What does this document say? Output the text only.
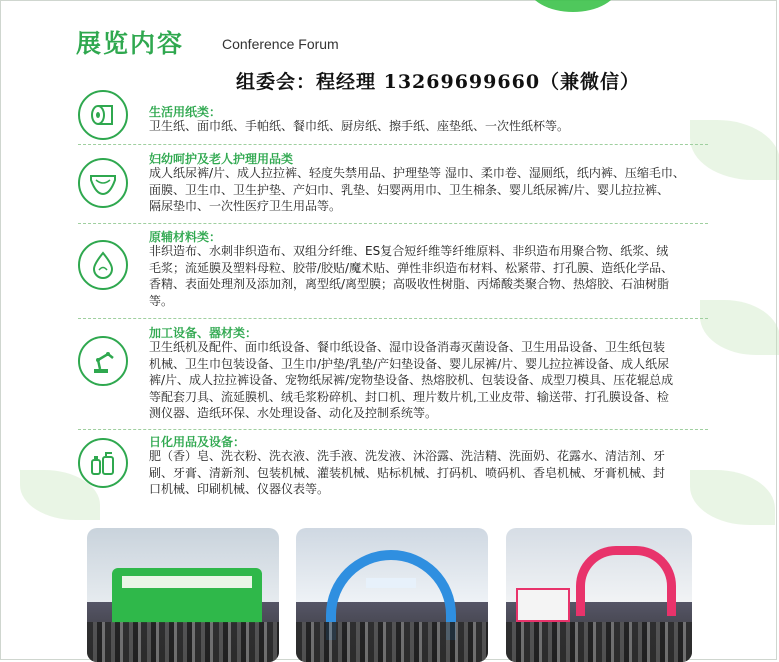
展览内容	Conference Forum
组委会：程经理 13269699660（兼微信）
生活用纸类：
卫生纸、面巾纸、手帕纸、餐巾纸、厨房纸、擦手纸、座垫纸、一次性纸杯等。
妇幼呵护及老人护理用品类
成人纸尿裤/片、成人拉拉裤、轻度失禁用品、护理垫等 湿巾、柔巾卷、湿厕纸，纸内裤、压缩毛巾、
面膜、卫生巾、卫生护垫、产妇巾、乳垫、妇婴两用巾、卫生棉条、婴儿纸尿裤/片、婴儿拉拉裤、
隔尿垫巾、一次性医疗卫生用品等。
原辅材料类：
非织造布、水刺非织造布、双组分纤维、ES复合短纤维等纤维原料、非织造布用聚合物、纸浆、绒
毛浆；流延膜及塑料母粒、胶带/胶贴/魔术贴、弹性非织造布材料、松紧带、打孔膜、造纸化学品、
香精、表面处理剂及添加剂，离型纸/离型膜；高吸收性树脂、丙烯酸类聚合物、热熔胶、石油树脂
等。
加工设备、器材类：
卫生纸机及配件、面巾纸设备、餐巾纸设备、湿巾设备消毒灭菌设备、卫生用品设备、卫生纸包装
机械、卫生巾包装设备、卫生巾/护垫/乳垫/产妇垫设备、婴儿尿裤/片、婴儿拉拉裤设备、成人纸尿
裤/片、成人拉拉裤设备、宠物纸尿裤/宠物垫设备、热熔胶机、包装设备、成型刀模具、压花辊总成
等配套刀具、流延膜机、绒毛浆粉碎机、封口机、理片数片机,工业皮带、输送带、打孔膜设备、检
测仪器、造纸环保、水处理设备、动化及控制系统等。
日化用品及设备：
肥（香）皂、洗衣粉、洗衣液、洗手液、洗发液、沐浴露、洗洁精、洗面奶、花露水、清洁剂、牙
刷、牙膏、清新剂、包装机械、灌装机械、贴标机械、打码机、喷码机、香皂机械、牙膏机械、封
口机械、印刷机械、仪器仪表等。
